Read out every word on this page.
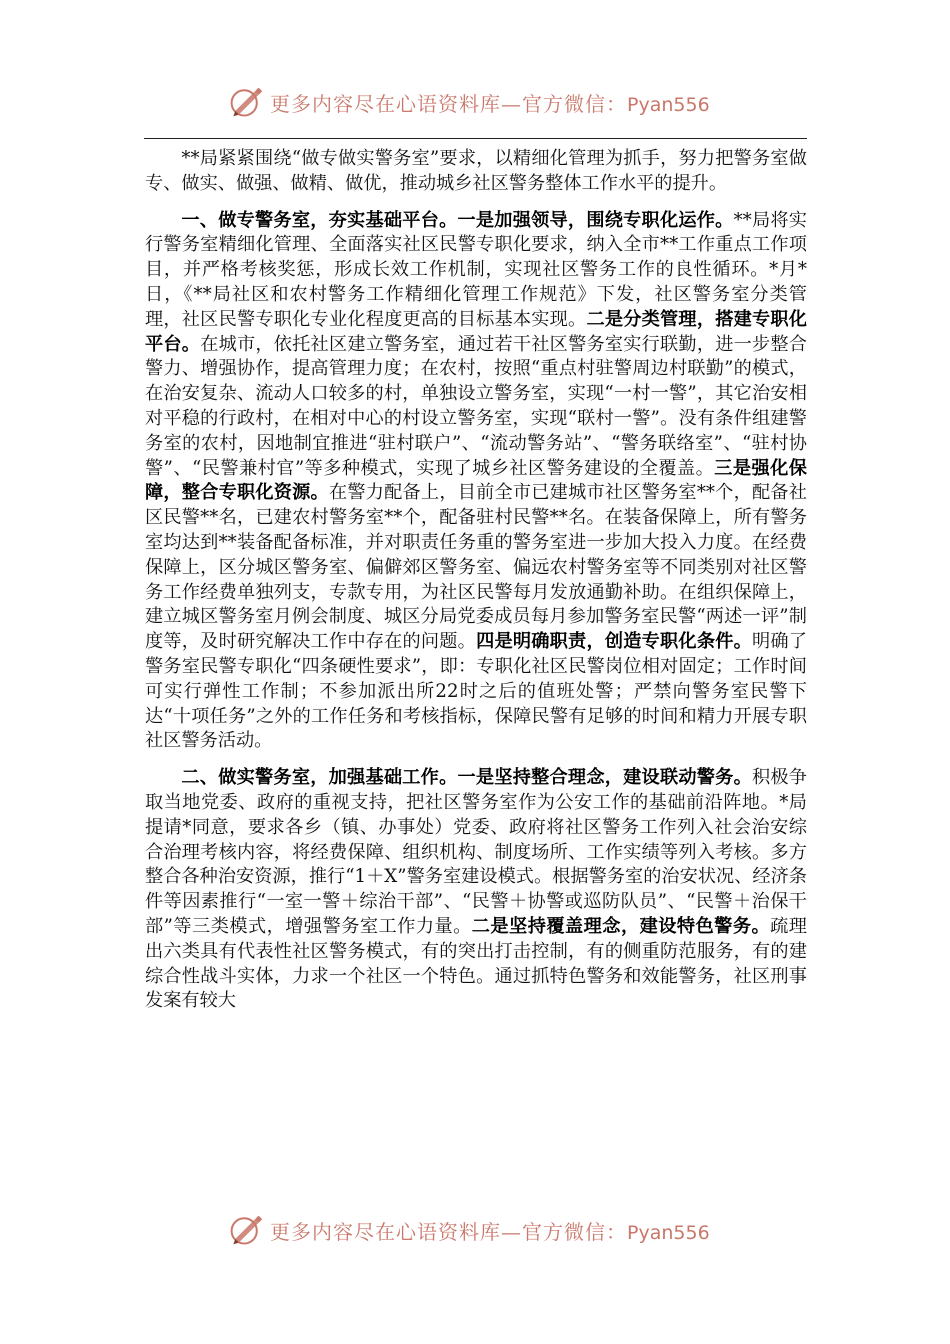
更多内容尽在心语资料库—官方微信：Pyan556

**局紧紧围绕“做专做实警务室”要求，以精细化管理为抓手，努力把警务室做专、做实、做强、做精、做优，推动城乡社区警务整体工作水平的提升。

一、做专警务室，夯实基础平台。一是加强领导，围绕专职化运作。**局将实行警务室精细化管理、全面落实社区民警专职化要求，纳入全市**工作重点工作项目，并严格考核奖惩，形成长效工作机制，实现社区警务工作的良性循环。*月*日，《**局社区和农村警务工作精细化管理工作规范》下发，社区警务室分类管理，社区民警专职化专业化程度更高的目标基本实现。二是分类管理，搭建专职化平台。在城市，依托社区建立警务室，通过若干社区警务室实行联勤，进一步整合警力、增强协作，提高管理力度；在农村，按照“重点村驻警周边村联勤”的模式，在治安复杂、流动人口较多的村，单独设立警务室，实现“一村一警”，其它治安相对平稳的行政村，在相对中心的村设立警务室，实现“联村一警”。没有条件组建警务室的农村，因地制宜推进“驻村联户”、“流动警务站”、“警务联络室”、“驻村协警”、“民警兼村官”等多种模式，实现了城乡社区警务建设的全覆盖。三是强化保障，整合专职化资源。在警力配备上，目前全市已建城市社区警务室**个，配备社区民警**名，已建农村警务室**个，配备驻村民警**名。在装备保障上，所有警务室均达到**装备配备标准，并对职责任务重的警务室进一步加大投入力度。在经费保障上，区分城区警务室、偏僻郊区警务室、偏远农村警务室等不同类别对社区警务工作经费单独列支，专款专用，为社区民警每月发放通勤补助。在组织保障上，建立城区警务室月例会制度、城区分局党委成员每月参加警务室民警“两述一评”制度等，及时研究解决工作中存在的问题。四是明确职责，创造专职化条件。明确了警务室民警专职化“四条硬性要求”，即：专职化社区民警岗位相对固定；工作时间可实行弹性工作制；不参加派出所22时之后的值班处警；严禁向警务室民警下达“十项任务”之外的工作任务和考核指标，保障民警有足够的时间和精力开展专职社区警务活动。

二、做实警务室，加强基础工作。一是坚持整合理念，建设联动警务。积极争取当地党委、政府的重视支持，把社区警务室作为公安工作的基础前沿阵地。*局提请*同意，要求各乡（镇、办事处）党委、政府将社区警务工作列入社会治安综合治理考核内容，将经费保障、组织机构、制度场所、工作实绩等列入考核。多方整合各种治安资源，推行“1＋X”警务室建设模式。根据警务室的治安状况、经济条件等因素推行“一室一警＋综治干部”、“民警＋协警或巡防队员”、“民警＋治保干部”等三类模式，增强警务室工作力量。二是坚持覆盖理念，建设特色警务。疏理出六类具有代表性社区警务模式，有的突出打击控制，有的侧重防范服务，有的建综合性战斗实体，力求一个社区一个特色。通过抓特色警务和效能警务，社区刑事发案有较大

更多内容尽在心语资料库—官方微信：Pyan556
